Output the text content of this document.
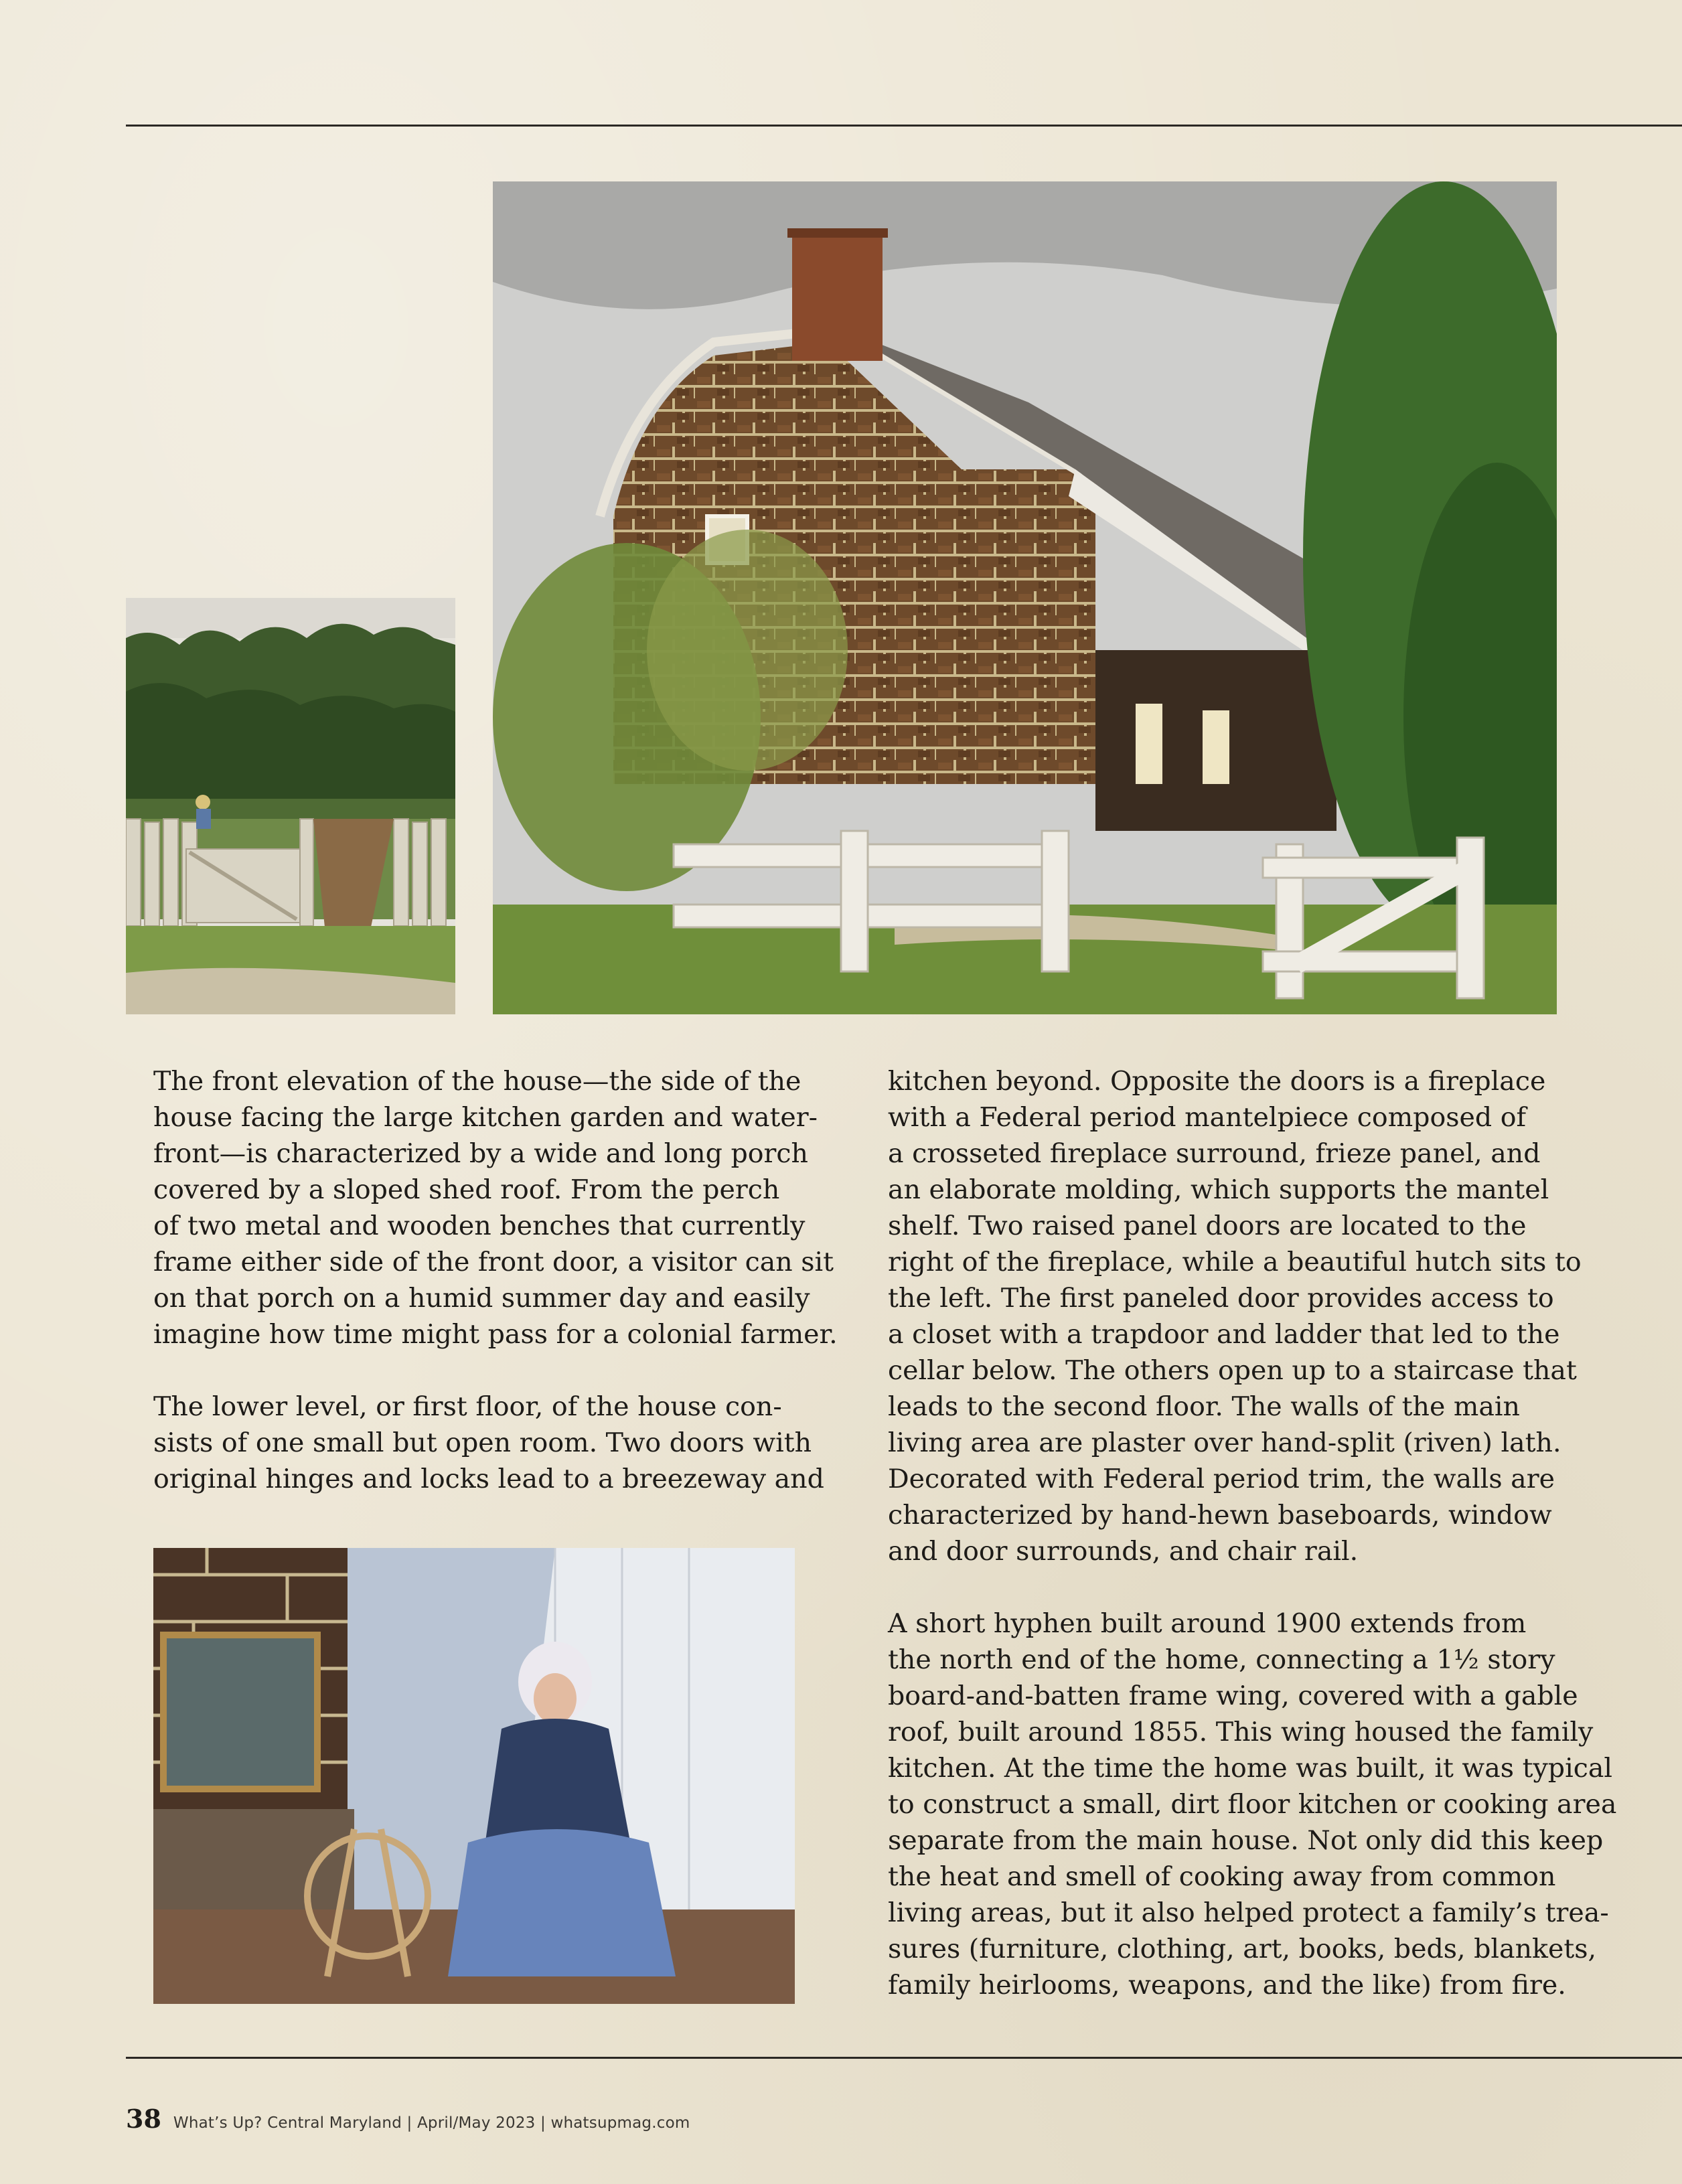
The front elevation of the house—the side of the

house facing the large kitchen garden and water-

front—is characterized by a wide and long porch

covered by a sloped shed roof. From the perch

of two metal and wooden benches that currently

frame either side of the front door, a visitor can sit

on that porch on a humid summer day and easily

imagine how time might pass for a colonial farmer.

The lower level, or first floor, of the house con-

sists of one small but open room. Two doors with

original hinges and locks lead to a breezeway and

kitchen beyond. Opposite the doors is a fireplace

with a Federal period mantelpiece composed of

a crosseted fireplace surround, frieze panel, and

an elaborate molding, which supports the mantel

shelf. Two raised panel doors are located to the

right of the fireplace, while a beautiful hutch sits to

the left. The first paneled door provides access to

a closet with a trapdoor and ladder that led to the

cellar below. The others open up to a staircase that

leads to the second floor. The walls of the main

living area are plaster over hand-split (riven) lath.

Decorated with Federal period trim, the walls are

characterized by hand-hewn baseboards, window

and door surrounds, and chair rail.

A short hyphen built around 1900 extends from

the north end of the home, connecting a 1½ story

board-and-batten frame wing, covered with a gable

roof, built around 1855. This wing housed the family

kitchen. At the time the home was built, it was typical

to construct a small, dirt floor kitchen or cooking area

separate from the main house. Not only did this keep

the heat and smell of cooking away from common

living areas, but it also helped protect a family’s trea-

sures (furniture, clothing, art, books, beds, blankets,

family heirlooms, weapons, and the like) from fire.

38 What’s Up? Central Maryland | April/May 2023 | whatsupmag.com
